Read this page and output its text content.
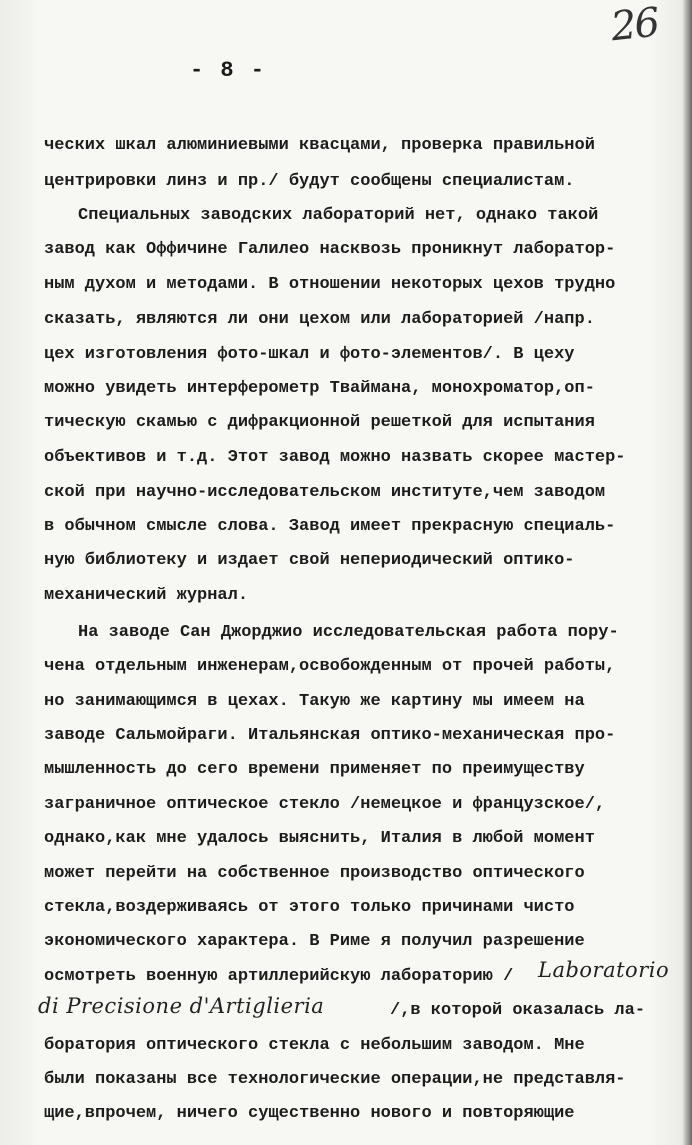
26
- 8 -
ческих шкал алюминиевыми квасцами, проверка правильной
центрировки линз и пр./ будут сообщены специалистам.
Специальных заводских лабораторий нет, однако такой
завод как Оффичине Галилео насквозь проникнут лаборатор-
ным духом и методами. В отношении некоторых цехов трудно
сказать, являются ли они цехом или лабораторией /напр.
цех изготовления фото-шкал и фото-элементов/. В цеху
можно увидеть интерферометр Тваймана, монохроматор,оп-
тическую скамью с дифракционной решеткой для испытания
объективов и т.д. Этот завод можно назвать скорее мастер-
ской при научно-исследовательском институте,чем заводом
в обычном смысле слова. Завод имеет прекрасную специаль-
ную библиотеку и издает свой непериодический оптико-
механический журнал.
На заводе Сан Джорджио исследовательская работа пору-
чена отдельным инженерам,освобожденным от прочей работы,
но занимающимся в цехах. Такую же картину мы имеем на
заводе Сальмойраги. Итальянская оптико-механическая про-
мышленность до сего времени применяет по преимуществу
заграничное оптическое стекло /немецкое и французское/,
однако,как мне удалось выяснить, Италия в любой момент
может перейти на собственное производство оптического
стекла,воздерживаясь от этого только причинами чисто
экономического характера. В Риме я получил разрешение
осмотреть военную артиллерийскую лабораторию / Laboratorio
di Precisione d'Artiglieria	/,в которой оказалась ла-
боратория оптического стекла с небольшим заводом. Мне
были показаны все технологические операции,не представля-
щие,впрочем, ничего существенно нового и повторяющие
